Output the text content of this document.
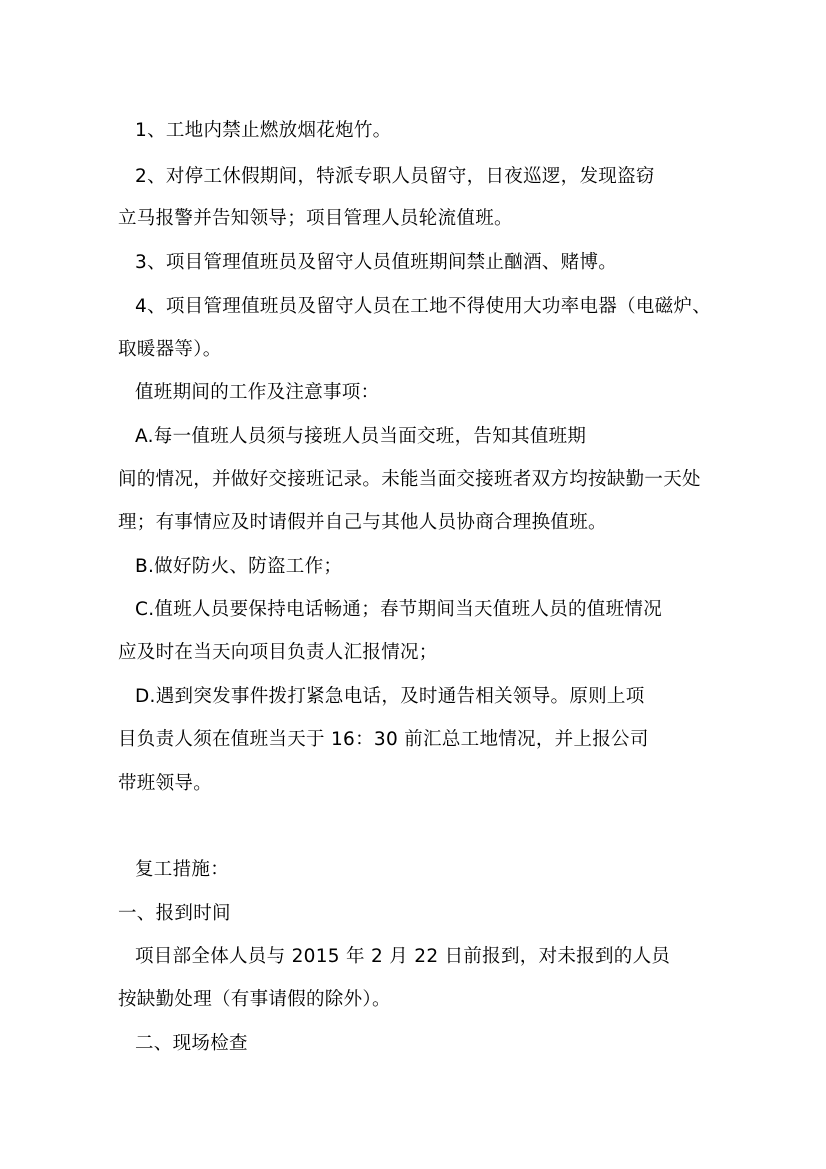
1、工地内禁止燃放烟花炮竹。
2、对停工休假期间，特派专职人员留守，日夜巡逻，发现盗窃
立马报警并告知领导；项目管理人员轮流值班。
3、项目管理值班员及留守人员值班期间禁止酗酒、赌博。
4、项目管理值班员及留守人员在工地不得使用大功率电器（电磁炉、
取暖器等）。
值班期间的工作及注意事项：
A.每一值班人员须与接班人员当面交班，告知其值班期
间的情况，并做好交接班记录。未能当面交接班者双方均按缺勤一天处
理；有事情应及时请假并自己与其他人员协商合理换值班。
B.做好防火、防盗工作；
C.值班人员要保持电话畅通；春节期间当天值班人员的值班情况
应及时在当天向项目负责人汇报情况；
D.遇到突发事件拨打紧急电话，及时通告相关领导。原则上项
目负责人须在值班当天于 16：30 前汇总工地情况，并上报公司
带班领导。
复工措施：
一、报到时间
项目部全体人员与 2015 年 2 月 22 日前报到，对未报到的人员
按缺勤处理（有事请假的除外）。
二、现场检查
